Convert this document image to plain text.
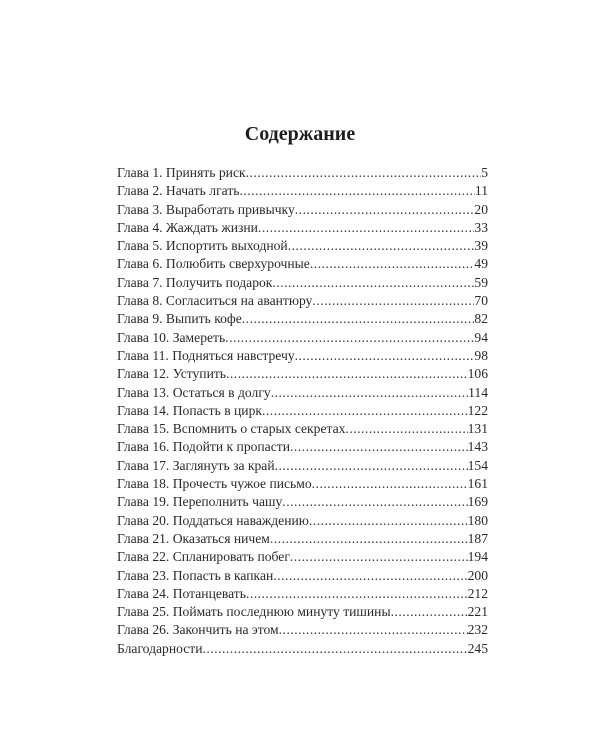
Содержание
Глава 1. Принять риск .....	5
Глава 2. Начать лгать .....	11
Глава 3. Выработать привычку .....	20
Глава 4. Жаждать жизни .....	33
Глава 5. Испортить выходной .....	39
Глава 6. Полюбить сверхурочные .....	49
Глава 7. Получить подарок .....	59
Глава 8. Согласиться на авантюру .....	70
Глава 9. Выпить кофе .....	82
Глава 10. Замереть .....	94
Глава 11. Подняться навстречу .....	98
Глава 12. Уступить .....	106
Глава 13. Остаться в долгу .....	114
Глава 14. Попасть в цирк .....	122
Глава 15. Вспомнить о старых секретах .....	131
Глава 16. Подойти к пропасти .....	143
Глава 17. Заглянуть за край .....	154
Глава 18. Прочесть чужое письмо .....	161
Глава 19. Переполнить чашу .....	169
Глава 20. Поддаться наваждению .....	180
Глава 21. Оказаться ничем .....	187
Глава 22. Спланировать побег .....	194
Глава 23. Попасть в капкан .....	200
Глава 24. Потанцевать .....	212
Глава 25. Поймать последнюю минуту тишины .....	221
Глава 26. Закончить на этом .....	232
Благодарности .....	245
